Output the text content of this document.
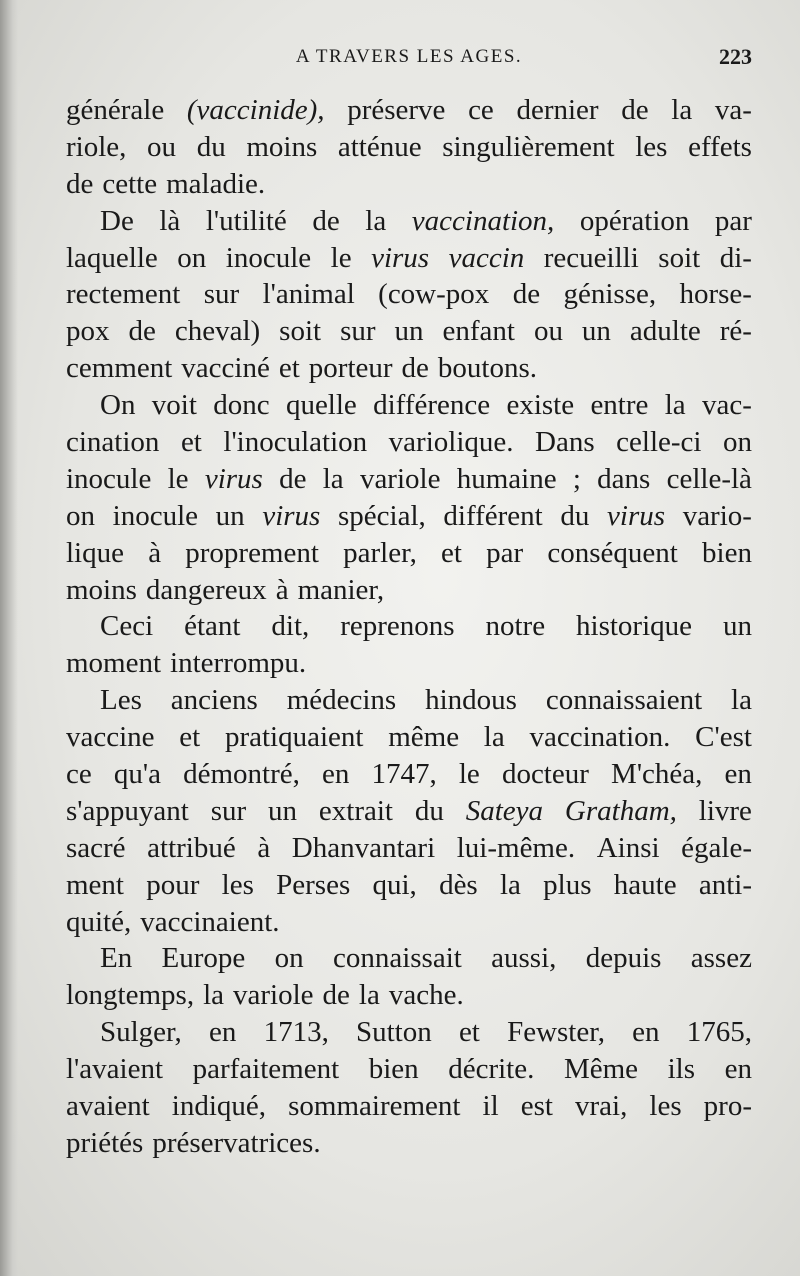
A TRAVERS LES AGES.	223
générale (vaccinide), préserve ce dernier de la va-
riole, ou du moins atténue singulièrement les effets
de cette maladie.
De là l'utilité de la vaccination, opération par
laquelle on inocule le virus vaccin recueilli soit di-
rectement sur l'animal (cow-pox de génisse, horse-
pox de cheval) soit sur un enfant ou un adulte ré-
cemment vacciné et porteur de boutons.
On voit donc quelle différence existe entre la vac-
cination et l'inoculation variolique. Dans celle-ci on
inocule le virus de la variole humaine ; dans celle-là
on inocule un virus spécial, différent du virus vario-
lique à proprement parler, et par conséquent bien
moins dangereux à manier,
Ceci étant dit, reprenons notre historique un
moment interrompu.
Les anciens médecins hindous connaissaient la
vaccine et pratiquaient même la vaccination. C'est
ce qu'a démontré, en 1747, le docteur M'chéa, en
s'appuyant sur un extrait du Sateya Gratham, livre
sacré attribué à Dhanvantari lui-même. Ainsi égale-
ment pour les Perses qui, dès la plus haute anti-
quité, vaccinaient.
En Europe on connaissait aussi, depuis assez
longtemps, la variole de la vache.
Sulger, en 1713, Sutton et Fewster, en 1765,
l'avaient parfaitement bien décrite. Même ils en
avaient indiqué, sommairement il est vrai, les pro-
priétés préservatrices.
